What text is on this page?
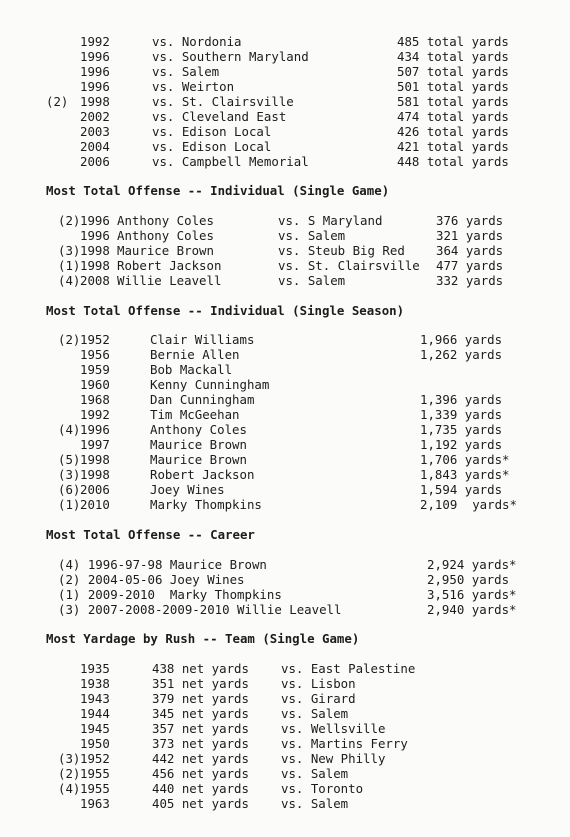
1992	vs. Nordonia	485 total yards
1996	vs. Southern Maryland	434 total yards
1996	vs. Salem	507 total yards
1996	vs. Weirton	501 total yards
(2) 1998	vs. St. Clairsville	581 total yards
2002	vs. Cleveland East	474 total yards
2003	vs. Edison Local	426 total yards
2004	vs. Edison Local	421 total yards
2006	vs. Campbell Memorial	448 total yards
Most Total Offense -- Individual (Single Game)
(2) 1996 Anthony Coles	vs. S Maryland	376 yards
1996 Anthony Coles	vs. Salem	321 yards
(3) 1998 Maurice Brown	vs. Steub Big Red	364 yards
(1) 1998 Robert Jackson	vs. St. Clairsville 477 yards
(4) 2008 Willie Leavell	vs. Salem	332 yards
Most Total Offense -- Individual (Single Season)
(2) 1952	Clair Williams	1,966 yards
1956	Bernie Allen	1,262 yards
1959	Bob Mackall
1960	Kenny Cunningham
1968	Dan Cunningham	1,396 yards
1992	Tim McGeehan	1,339 yards
(4) 1996	Anthony Coles	1,735 yards
1997	Maurice Brown	1,192 yards
(5) 1998	Maurice Brown	1,706 yards*
(3) 1998	Robert Jackson	1,843 yards*
(6) 2006	Joey Wines	1,594 yards
(1) 2010	Marky Thompkins	2,109  yards*
Most Total Offense -- Career
(4) 1996-97-98 Maurice Brown	2,924 yards*
(2) 2004-05-06 Joey Wines	2,950 yards
(1) 2009-2010  Marky Thompkins	3,516 yards*
(3) 2007-2008-2009-2010 Willie Leavell	2,940 yards*
Most Yardage by Rush -- Team (Single Game)
1935	438 net yards	vs. East Palestine
1938	351 net yards	vs. Lisbon
1943	379 net yards	vs. Girard
1944	345 net yards	vs. Salem
1945	357 net yards	vs. Wellsville
1950	373 net yards	vs. Martins Ferry
(3) 1952	442 net yards	vs. New Philly
(2) 1955	456 net yards	vs. Salem
(4) 1955	440 net yards	vs. Toronto
1963	405 net yards	vs. Salem
